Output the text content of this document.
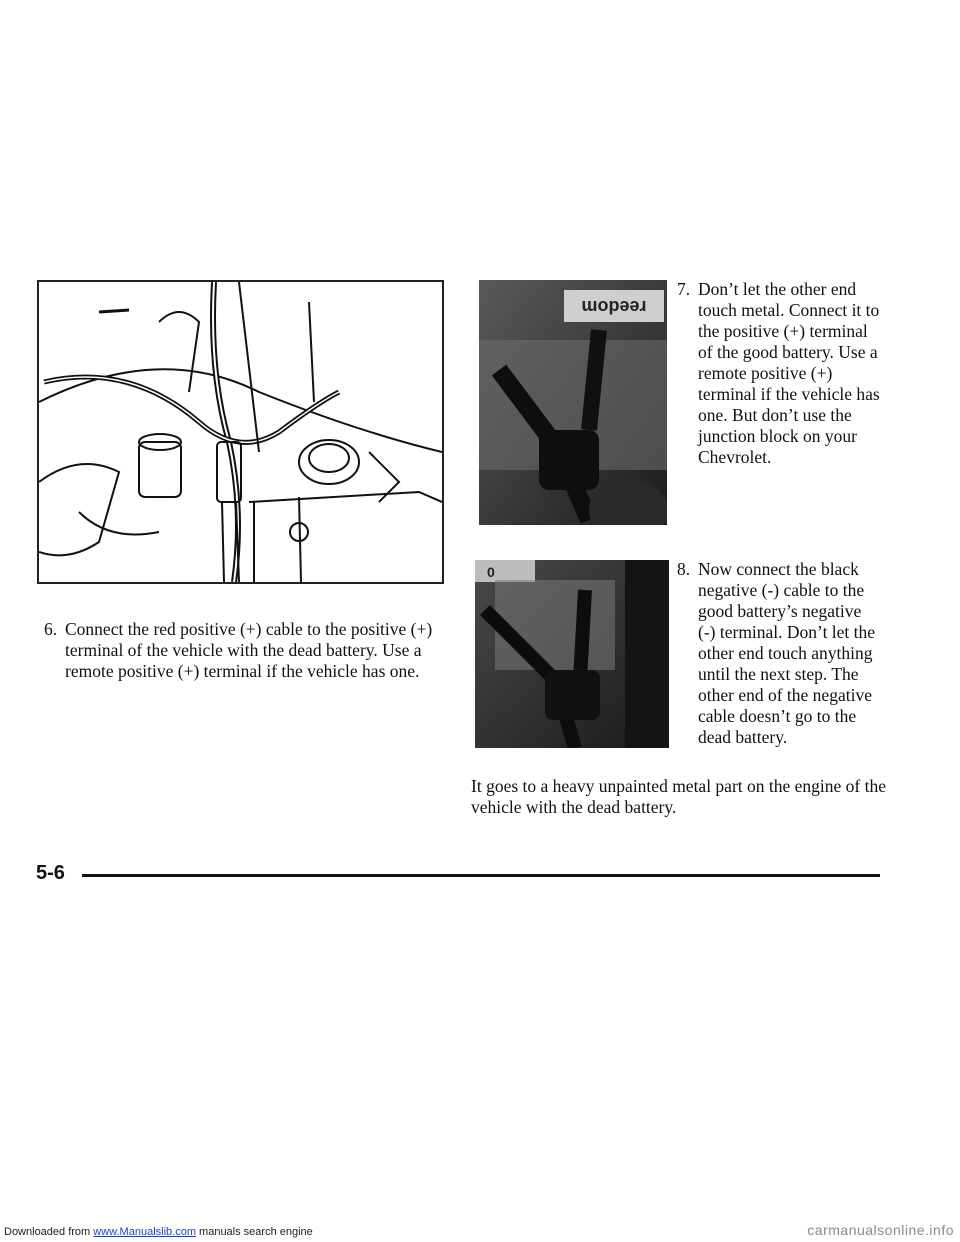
reedom
0
6. Connect the red positive (+) cable to the positive (+) terminal of the vehicle with the dead battery. Use a remote positive (+) terminal if the vehicle has one.
7. Don’t let the other end touch metal. Connect it to the positive (+) terminal of the good battery. Use a remote positive (+) terminal if the vehicle has one. But don’t use the junction block on your Chevrolet.
8. Now connect the black negative (-) cable to the good battery’s negative (-) terminal. Don’t let the other end touch anything until the next step. The other end of the negative cable doesn’t go to the dead battery.
It goes to a heavy unpainted metal part on the engine of the vehicle with the dead battery.
5-6
Downloaded from www.Manualslib.com manuals search engine	carmanualsonline.info
